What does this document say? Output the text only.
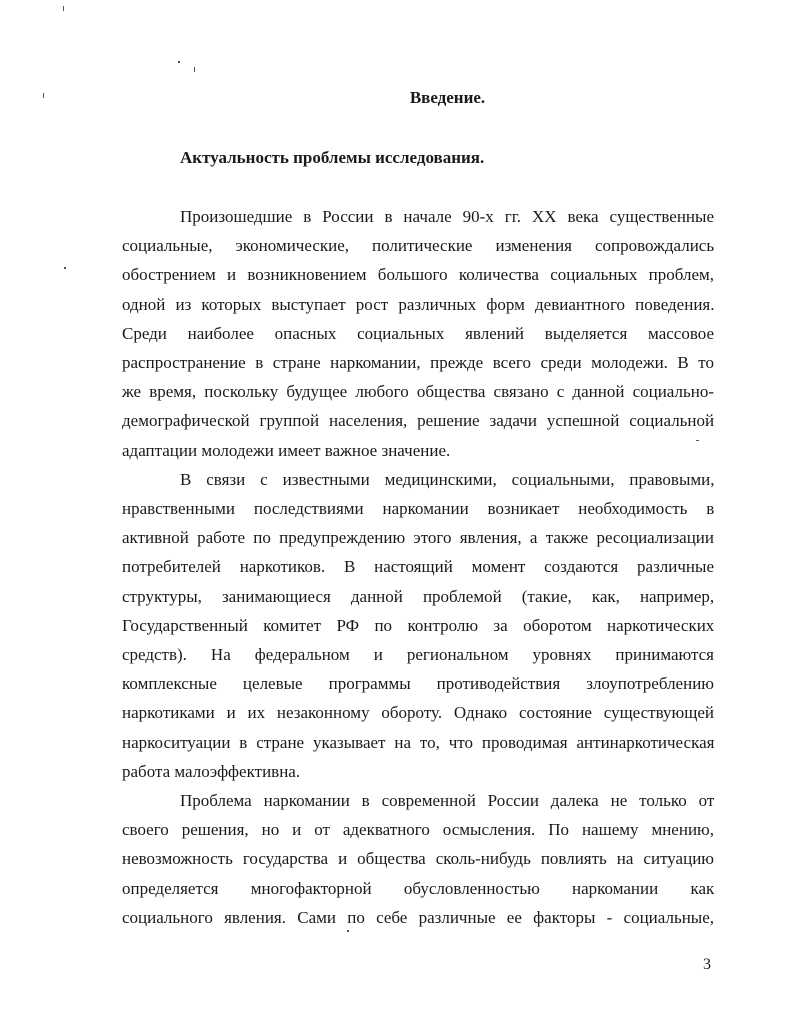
Введение.
Актуальность проблемы исследования.
Произошедшие в России в начале 90-х гг. XX века существенные
социальные, экономические, политические изменения сопровождались
обострением и возникновением большого количества социальных проблем,
одной из которых выступает рост различных форм девиантного поведения.
Среди наиболее опасных социальных явлений выделяется массовое
распространение в стране наркомании, прежде всего среди молодежи. В то
же время, поскольку будущее любого общества связано с данной социально-
демографической группой населения, решение задачи успешной социальной
адаптации молодежи имеет важное значение.
В связи с известными медицинскими, социальными, правовыми,
нравственными последствиями наркомании возникает необходимость в
активной работе по предупреждению этого явления, а также ресоциализации
потребителей наркотиков. В настоящий момент создаются различные
структуры, занимающиеся данной проблемой (такие, как, например,
Государственный комитет РФ по контролю за оборотом наркотических
средств). На федеральном и региональном уровнях принимаются
комплексные целевые программы противодействия злоупотреблению
наркотиками и их незаконному обороту. Однако состояние существующей
наркоситуации в стране указывает на то, что проводимая антинаркотическая
работа малоэффективна.
Проблема наркомании в современной России далека не только от
своего решения, но и от адекватного осмысления. По нашему мнению,
невозможность государства и общества сколь-нибудь повлиять на ситуацию
определяется многофакторной обусловленностью наркомании как
социального явления. Сами по себе различные ее факторы - социальные,
3
